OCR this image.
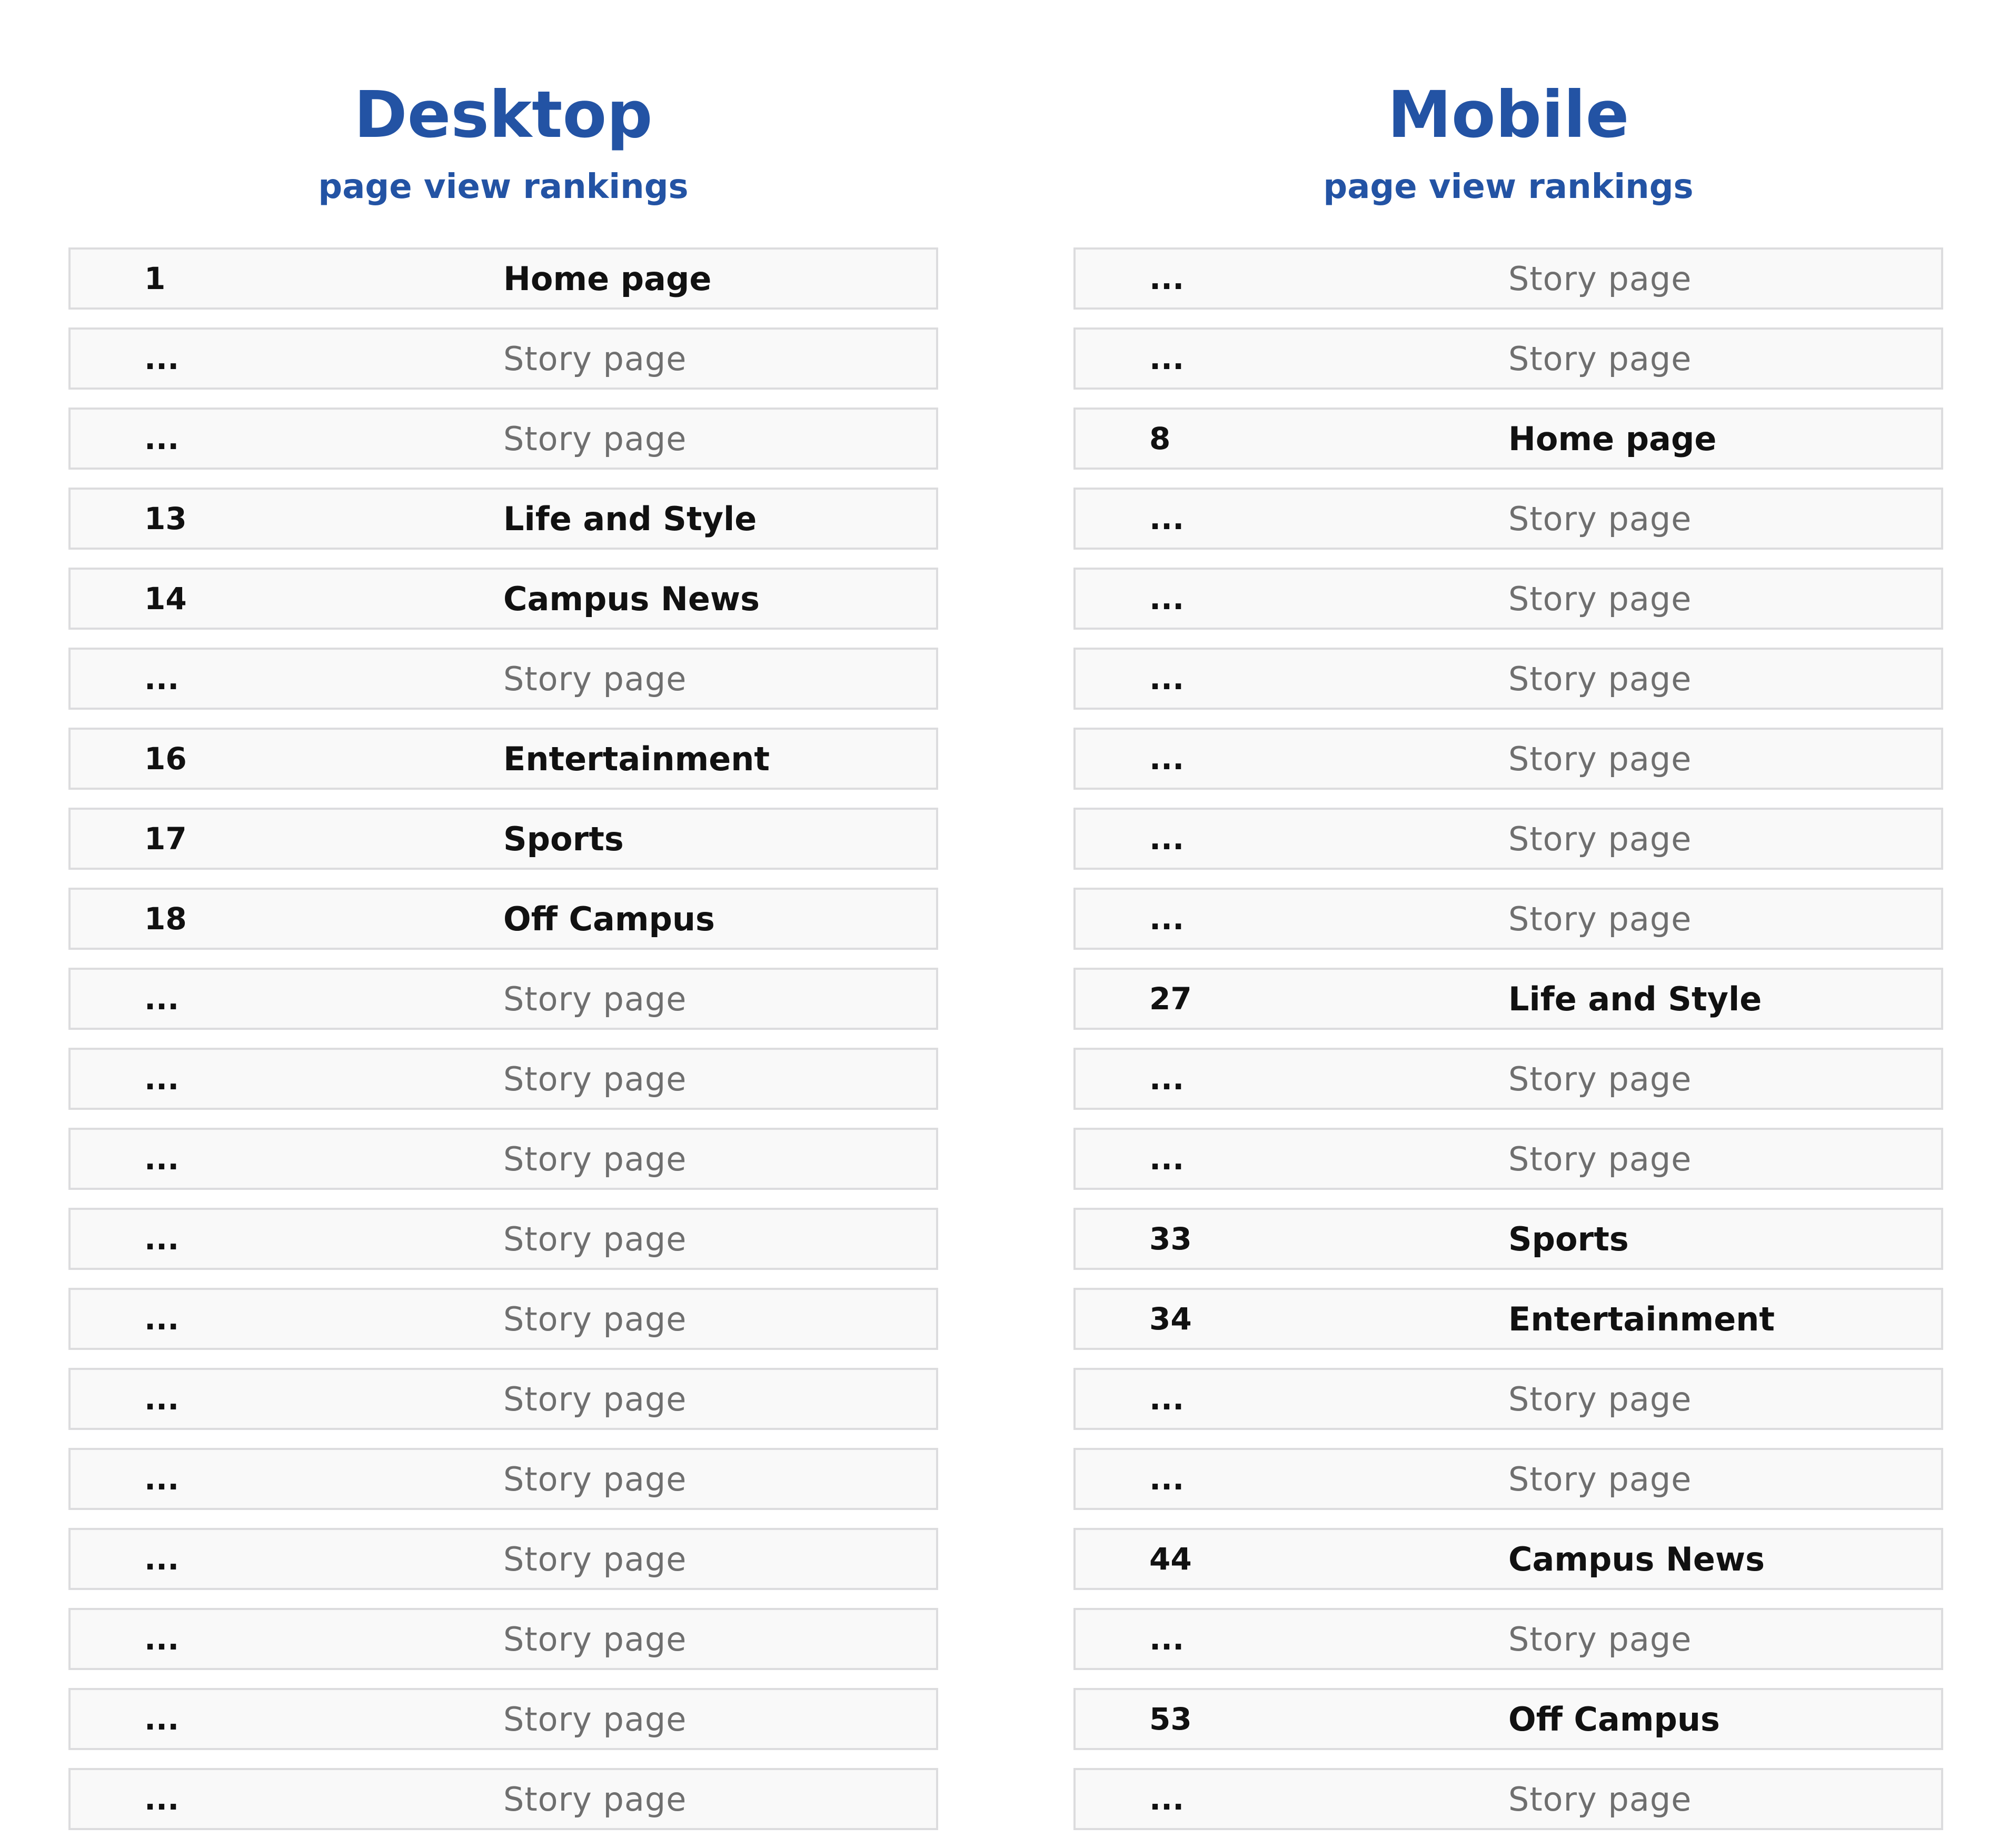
Desktop
page view rankings
1	Home page
...	Story page
...	Story page
13	Life and Style
14	Campus News
...	Story page
16	Entertainment
17	Sports
18	Off Campus
...	Story page
...	Story page
...	Story page
...	Story page
...	Story page
...	Story page
...	Story page
...	Story page
...	Story page
...	Story page
...	Story page
Mobile
page view rankings
...	Story page
...	Story page
8	Home page
...	Story page
...	Story page
...	Story page
...	Story page
...	Story page
...	Story page
27	Life and Style
...	Story page
...	Story page
33	Sports
34	Entertainment
...	Story page
...	Story page
44	Campus News
...	Story page
53	Off Campus
...	Story page
